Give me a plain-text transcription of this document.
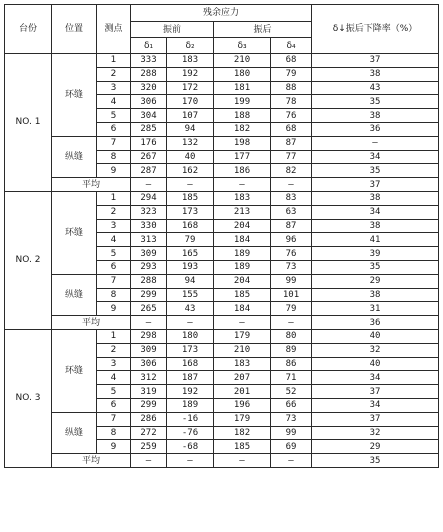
台份	位置	测点	残余应力				δ↓振后下降率（%）
			振前		振后		
			δ₁	δ₂	δ₃	δ₄	
NO. 1	环缝	1	333	183	210	68	37
		2	288	192	180	79	38
		3	320	172	181	88	43
		4	306	170	199	78	35
		5	304	107	188	76	38
		6	285	94	182	68	36
	纵缝	7	176	132	198	87	—
		8	267	40	177	77	34
		9	287	162	186	82	35
	平均		—	—	—	—	37
NO. 2	环缝	1	294	185	183	83	38
		2	323	173	213	63	34
		3	330	168	204	87	38
		4	313	79	184	96	41
		5	309	165	189	76	39
		6	293	193	189	73	35
	纵缝	7	288	94	204	99	29
		8	299	155	185	101	38
		9	265	43	184	79	31
	平均		—	—	—	—	36
NO. 3	环缝	1	298	180	179	80	40
		2	309	173	210	89	32
		3	306	168	183	86	40
		4	312	187	207	71	34
		5	319	192	201	52	37
		6	299	189	196	66	34
	纵缝	7	286	-16	179	73	37
		8	272	-76	182	99	32
		9	259	-68	185	69	29
	平均		—	—	—	—	35
